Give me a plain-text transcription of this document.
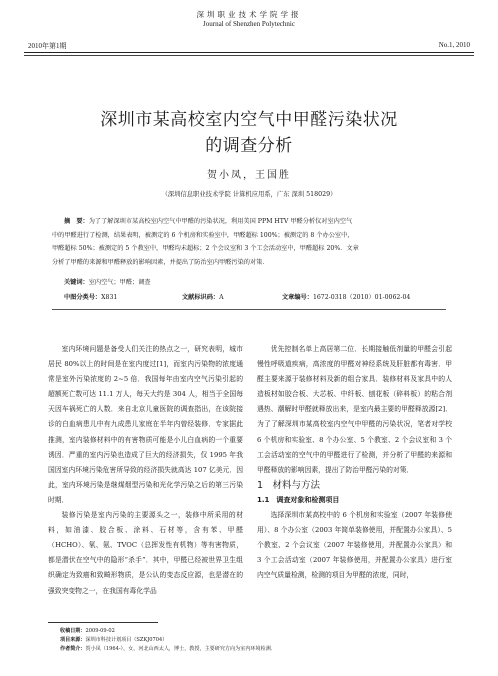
深圳职业技术学院学报
Journal of Shenzhen Polytechnic
2010年第1期	No.1, 2010
深圳市某高校室内空气中甲醛污染状况
的调查分析
贺小凤，王国胜
（深圳信息职业技术学院 计算机应用系，广东 深圳 518029）
摘　要：为了了解深圳市某高校室内空气中甲醛的污染状况，利用美国 PPM HTV 甲醛分析仪对室内空气
中的甲醛进行了检测，结果表明，被测定的 6 个机房和实验室中，甲醛超标 100%；被测定的 8 个办公室中，
甲醛超标 50%；被测定的 5 个教室中，甲醛均未超标；2 个会议室和 3 个工会活动室中，甲醛超标 20%．文章
分析了甲醛的来源和甲醛释放的影响因素，并提出了防治室内甲醛污染的对策．
关键词：室内空气；甲醛；调查
中图分类号：X831	文献标识码：A	文章编号：1672-0318（2010）01-0062-04

室内环境问题是备受人们关注的热点之一，研究表明，城市居民 80%以上的时间是在室内度过[1]，而室内污染物的浓度通常是室外污染浓度的 2~5 倍．我国每年由室内空气污染引起的超额死亡数可达 11.1 万人，每天大约是 304 人，相当于全国每天因车祸死亡的人数．来自北京儿童医院的调查指出，在该院接诊的白血病患儿中有九成患儿家庭在半年内曾经装修．专家据此推测，室内装修材料中的有害物质可能是小儿白血病的一个重要诱因．严重的室内污染也造成了巨大的经济损失，仅 1995 年我国因室内环境污染危害所导致的经济损失就高达 107 亿美元．因此，室内环境污染是继煤烟型污染和光化学污染之后的第三污染时期．

装修污染是室内污染的主要源头之一，装修中所采用的材料，如油漆、胶合板、涂料、石材等，含有苯、甲醛（HCHO）、氡、氨、TVOC（总挥发性有机物）等有害物质，都是潜伏在空气中的隐形“杀手”．其中，甲醛已经被世界卫生组织确定为致癌和致畸形物质，是公认的变态反应源，也是潜在的强致突变物之一，在我国有毒化学品

优先控制名单上高居第二位．长期接触低剂量的甲醛会引起慢性呼吸道疾病，高浓度的甲醛对神经系统及肝脏都有毒害．甲醛主要来源于装修材料及新的组合家具．装修材料及家具中的人造板材如胶合板、大芯板、中纤板、刨花板（碎料板）的粘合剂遇热、潮解时甲醛就释放出来，是室内最主要的甲醛释放源[2]．为了了解深圳市某高校室内空气中甲醛的污染状况，笔者对学校 6 个机房和实验室、8 个办公室、5 个教室、2 个会议室和 3 个工会活动室的空气中的甲醛进行了检测，并分析了甲醛的来源和甲醛释放的影响因素，提出了防治甲醛污染的对策．

1　材料与方法

1.1　调查对象和检测项目

选择深圳市某高校中的 6 个机房和实验室（2007 年装修使用）、8 个办公室（2003 年简单装修使用，并配置办公家具）、5 个教室、2 个会议室（2007 年装修使用，并配置办公家具）和 3 个工会活动室（2007 年装修使用，并配置办公家具）进行室内空气质量检测，检测的项目为甲醛的浓度，同时，

收稿日期：2009-09-02
项目来源：深圳市科技计划项目（SZKJ0704）
作者简介：贺小凤（1964-），女，河北山西太人，博士，教授，主要研究方向为室内环境检测．
